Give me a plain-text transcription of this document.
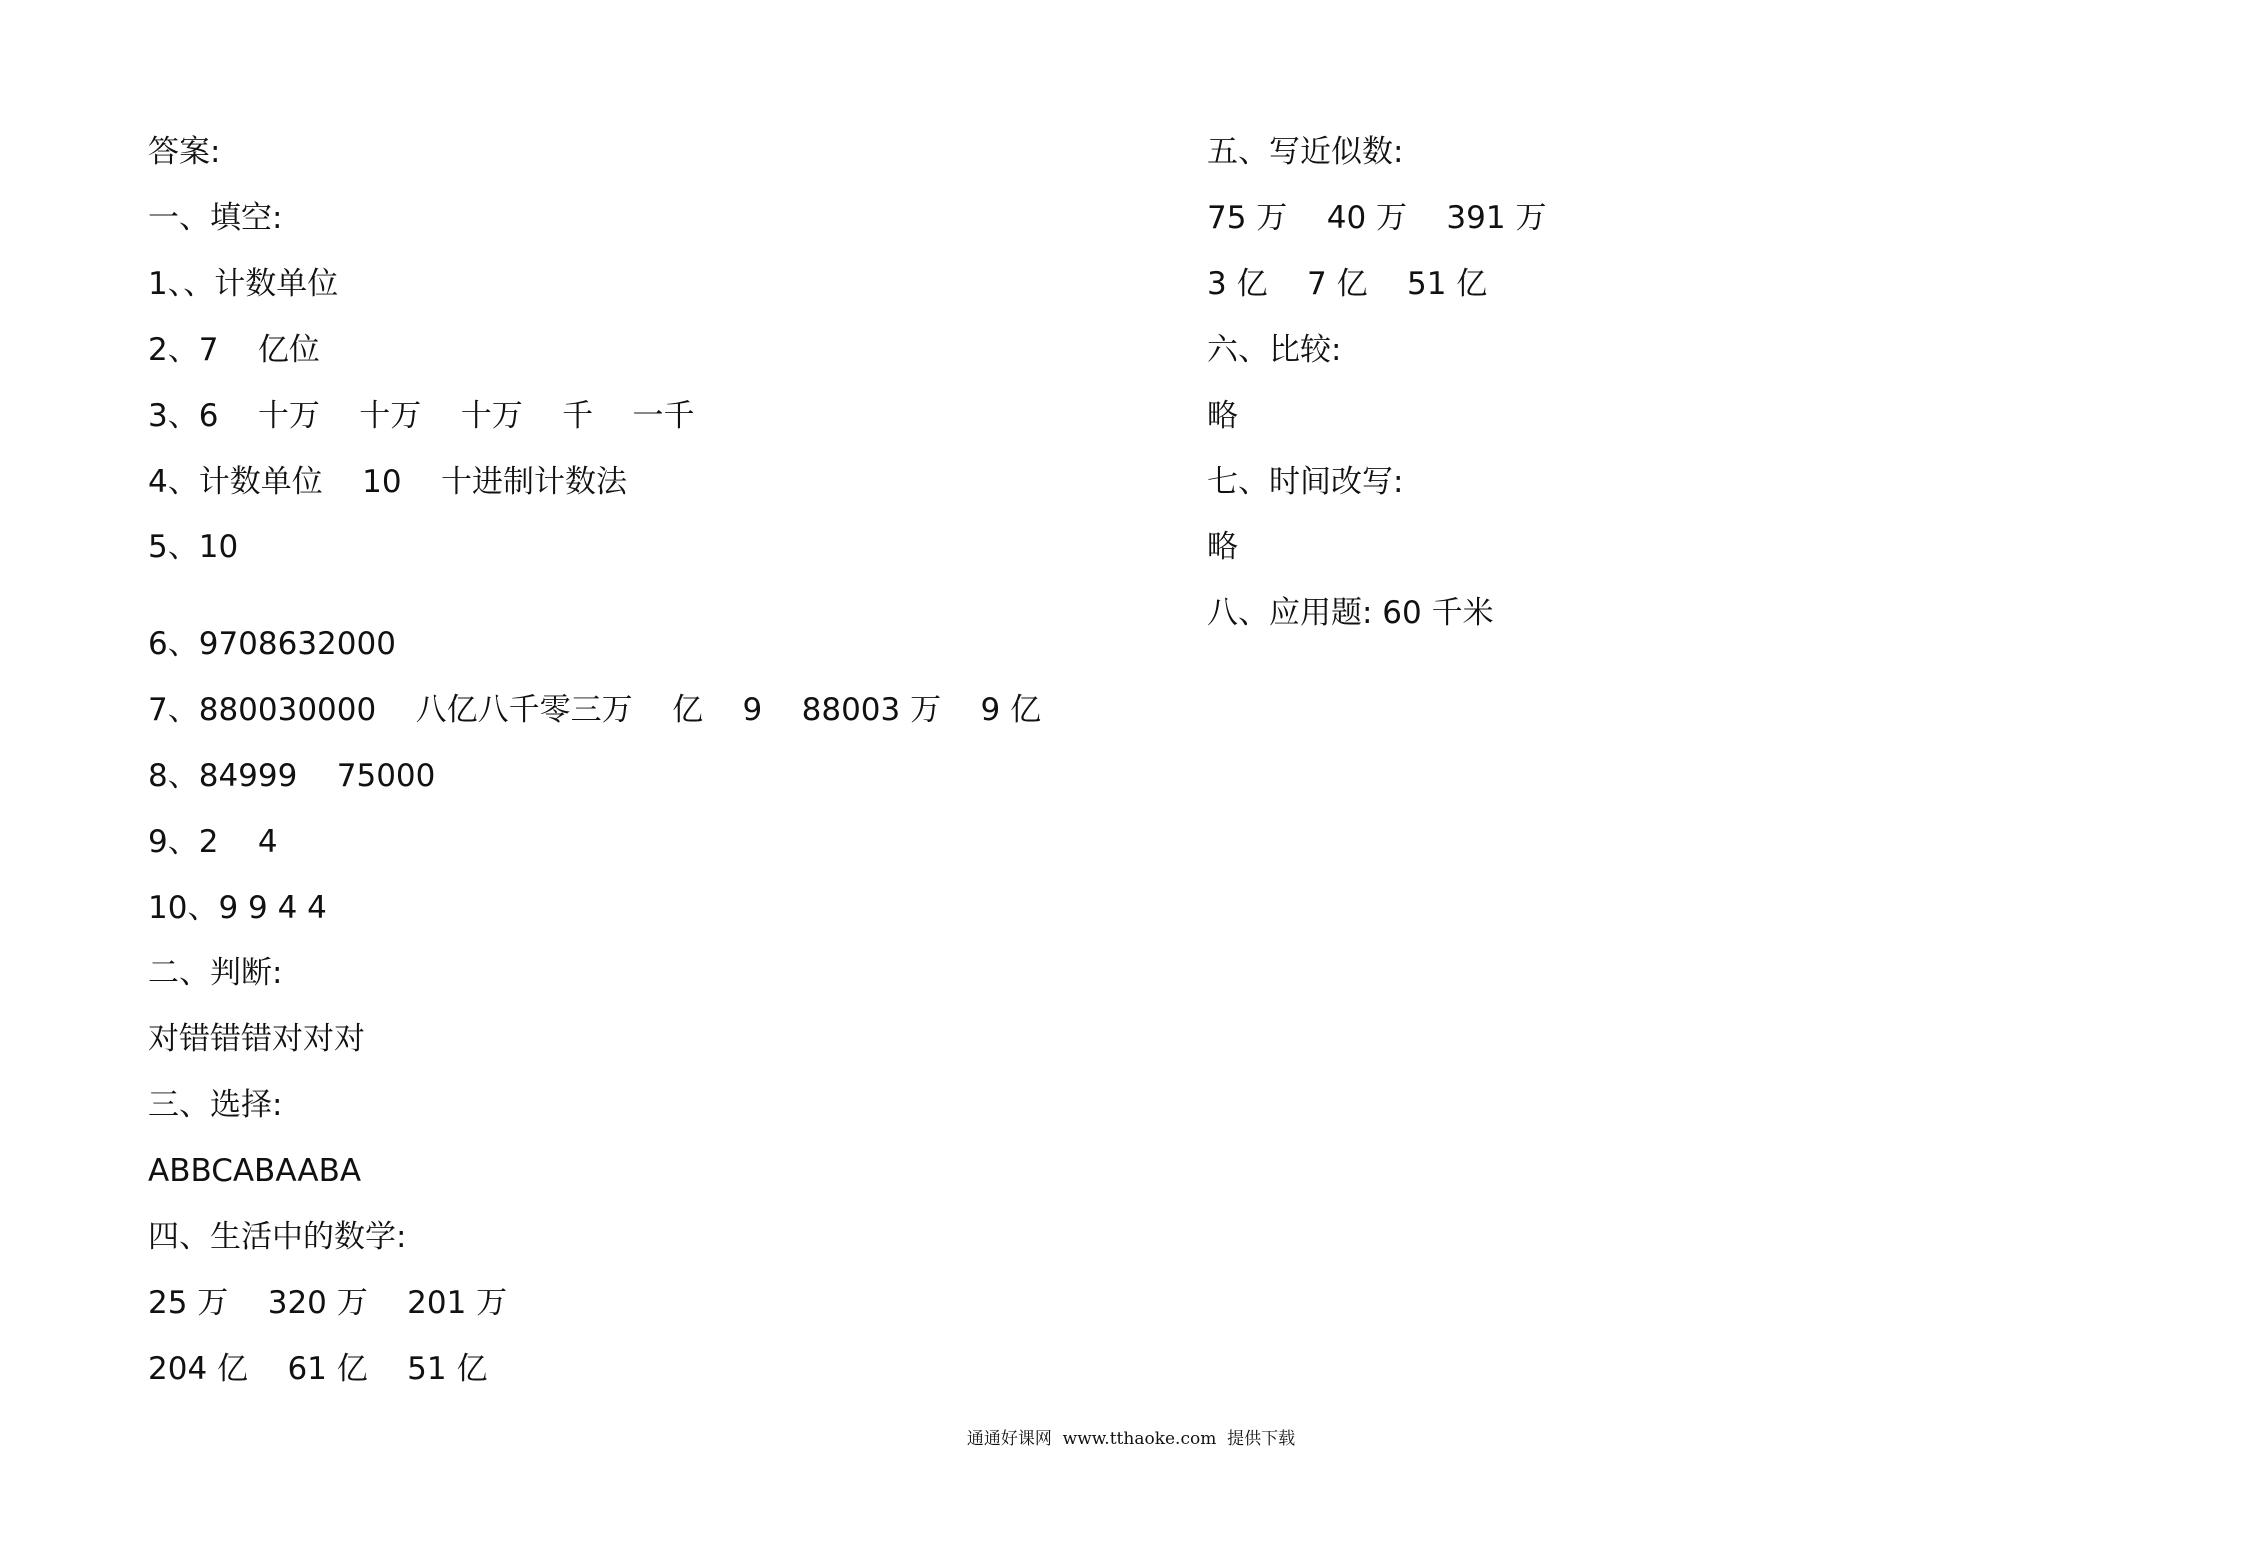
答案:
一、填空:
1、、计数单位
2、7    亿位
3、6    十万    十万    十万    千    一千
4、计数单位    10    十进制计数法
5、10
6、9708632000
7、880030000    八亿八千零三万    亿    9    88003 万    9 亿
8、84999    75000
9、2    4
10、9 9 4 4
二、判断:
对错错错对对对
三、选择:
ABBCABAABA
四、生活中的数学:
25 万    320 万    201 万
204 亿    61 亿    51 亿
五、写近似数:
75 万    40 万    391 万
3 亿    7 亿    51 亿
六、比较:
略
七、时间改写:
略
八、应用题: 60 千米
通通好课网  www.tthaoke.com  提供下载
